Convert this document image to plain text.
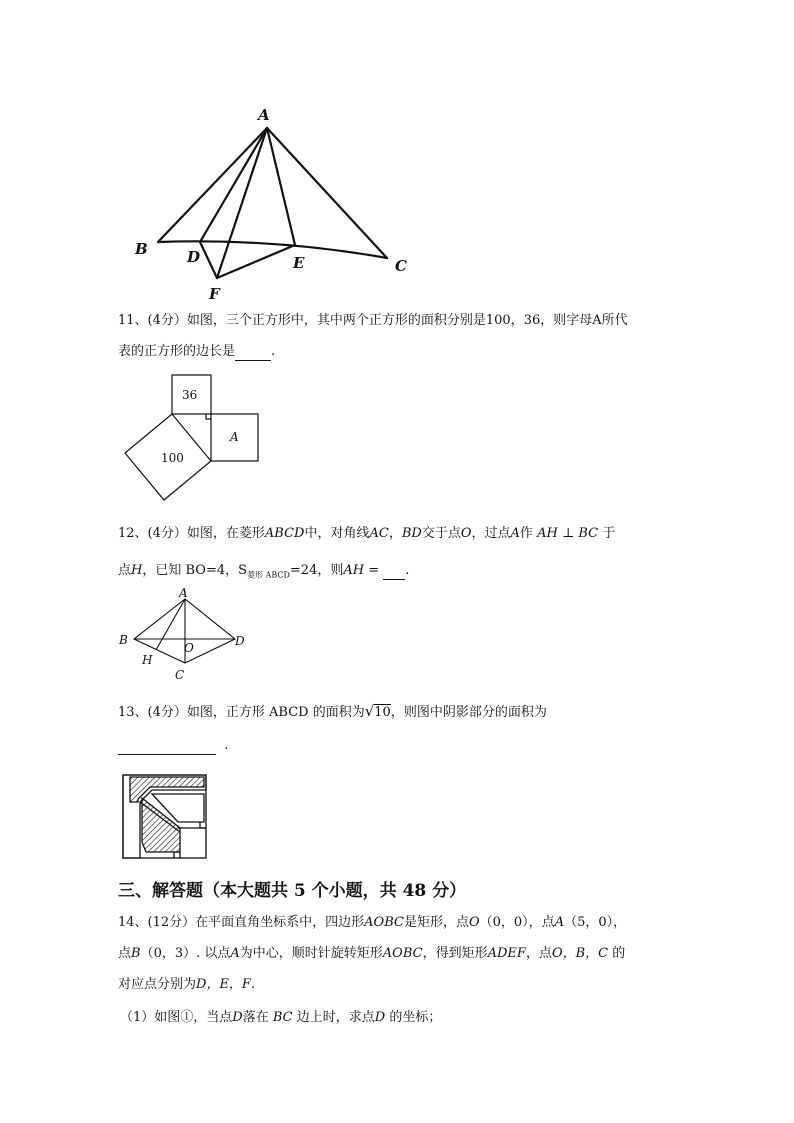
A
B	D	E	C
F
11、(4分）如图，三个正方形中，其中两个正方形的面积分别是100，36，则字母A所代
表的正方形的边长是	.
36
100
A
12、(4分）如图，在菱形ABCD中，对角线AC，BD交于点O，过点A作 AH ⊥ BC 于
点H，已知 BO=4，$S_{菱形 ABCD}=24$，则AH = .
A
B	D
O
H
C
13、(4分）如图，正方形 ABCD 的面积为√10，则图中阴影部分的面积为
.
三、解答题（本大题共 5 个小题，共 48 分）
14、(12分）在平面直角坐标系中，四边形AOBC是矩形，点O（0，0），点A（5，0），
点B（0，3）. 以点A为中心，顺时针旋转矩形AOBC，得到矩形ADEF，点O，B，C 的
对应点分别为D，E，F.
（1）如图①，当点D落在 BC 边上时，求点D 的坐标；
